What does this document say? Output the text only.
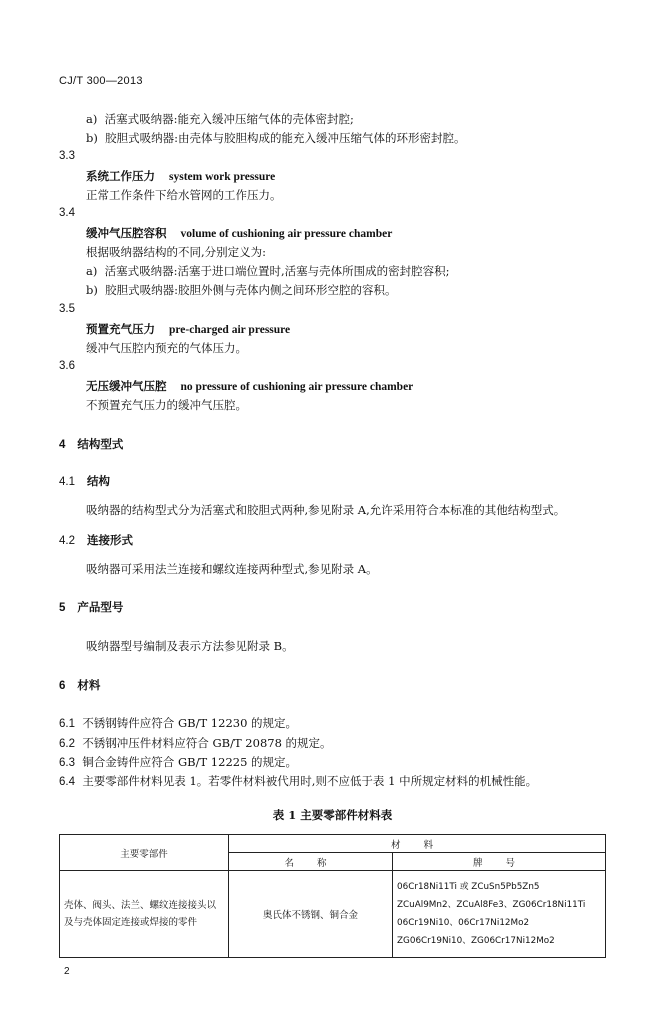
CJ/T 300—2013
a) 活塞式吸纳器:能充入缓冲压缩气体的壳体密封腔;
b) 胶胆式吸纳器:由壳体与胶胆构成的能充入缓冲压缩气体的环形密封腔。
3.3
系统工作压力 system work pressure
正常工作条件下给水管网的工作压力。
3.4
缓冲气压腔容积 volume of cushioning air pressure chamber
根据吸纳器结构的不同,分别定义为:
a) 活塞式吸纳器:活塞于进口端位置时,活塞与壳体所围成的密封腔容积;
b) 胶胆式吸纳器:胶胆外侧与壳体内侧之间环形空腔的容积。
3.5
预置充气压力 pre-charged air pressure
缓冲气压腔内预充的气体压力。
3.6
无压缓冲气压腔 no pressure of cushioning air pressure chamber
不预置充气压力的缓冲气压腔。
4 结构型式
4.1 结构
吸纳器的结构型式分为活塞式和胶胆式两种,参见附录 A,允许采用符合本标准的其他结构型式。
4.2 连接形式
吸纳器可采用法兰连接和螺纹连接两种型式,参见附录 A。
5 产品型号
吸纳器型号编制及表示方法参见附录 B。
6 材料
6.1 不锈钢铸件应符合 GB/T 12230 的规定。
6.2 不锈钢冲压件材料应符合 GB/T 20878 的规定。
6.3 铜合金铸件应符合 GB/T 12225 的规定。
6.4 主要零部件材料见表 1。若零件材料被代用时,则不应低于表 1 中所规定材料的机械性能。
表 1 主要零部件材料表
主要零部件	材 料	
	名 称	牌 号
壳体、阀头、法兰、螺纹连接接头以及与壳体固定连接或焊接的零件	奥氏体不锈钢、铜合金	06Cr18Ni11Ti 或 ZCuSn5Pb5Zn5
ZCuAl9Mn2、ZCuAl8Fe3、ZG06Cr18Ni11Ti
06Cr19Ni10、06Cr17Ni12Mo2
ZG06Cr19Ni10、ZG06Cr17Ni12Mo2
2
